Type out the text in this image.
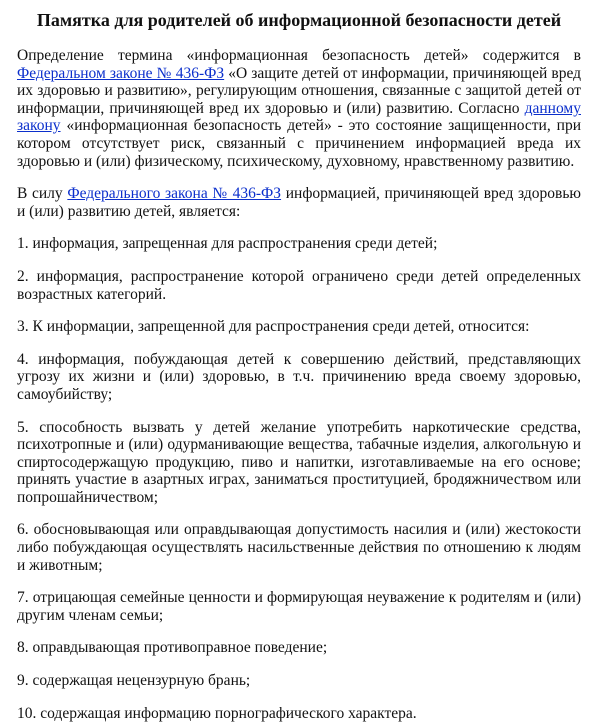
Памятка для родителей об информационной безопасности детей

Определение термина «информационная безопасность детей» содержится в Федеральном законе № 436-ФЗ «О защите детей от информации, причиняющей вред их здоровью и развитию», регулирующим отношения, связанные с защитой детей от информации, причиняющей вред их здоровью и (или) развитию. Согласно данному закону «информационная безопасность детей» - это состояние защищенности, при котором отсутствует риск, связанный с причинением информацией вреда их здоровью и (или) физическому, психическому, духовному, нравственному развитию.

В силу Федерального закона № 436-ФЗ информацией, причиняющей вред здоровью и (или) развитию детей, является:

1. информация, запрещенная для распространения среди детей;

2. информация, распространение которой ограничено среди детей определенных возрастных категорий.

3. К информации, запрещенной для распространения среди детей, относится:

4. информация, побуждающая детей к совершению действий, представляющих угрозу их жизни и (или) здоровью, в т.ч. причинению вреда своему здоровью, самоубийству;

5. способность вызвать у детей желание употребить наркотические средства, психотропные и (или) одурманивающие вещества, табачные изделия, алкогольную и спиртосодержащую продукцию, пиво и напитки, изготавливаемые на его основе; принять участие в азартных играх, заниматься проституцией, бродяжничеством или попрошайничеством;

6. обосновывающая или оправдывающая допустимость насилия и (или) жестокости либо побуждающая осуществлять насильственные действия по отношению к людям и животным;

7. отрицающая семейные ценности и формирующая неуважение к родителям и (или) другим членам семьи;

8. оправдывающая противоправное поведение;

9. содержащая нецензурную брань;

10. содержащая информацию порнографического характера.
